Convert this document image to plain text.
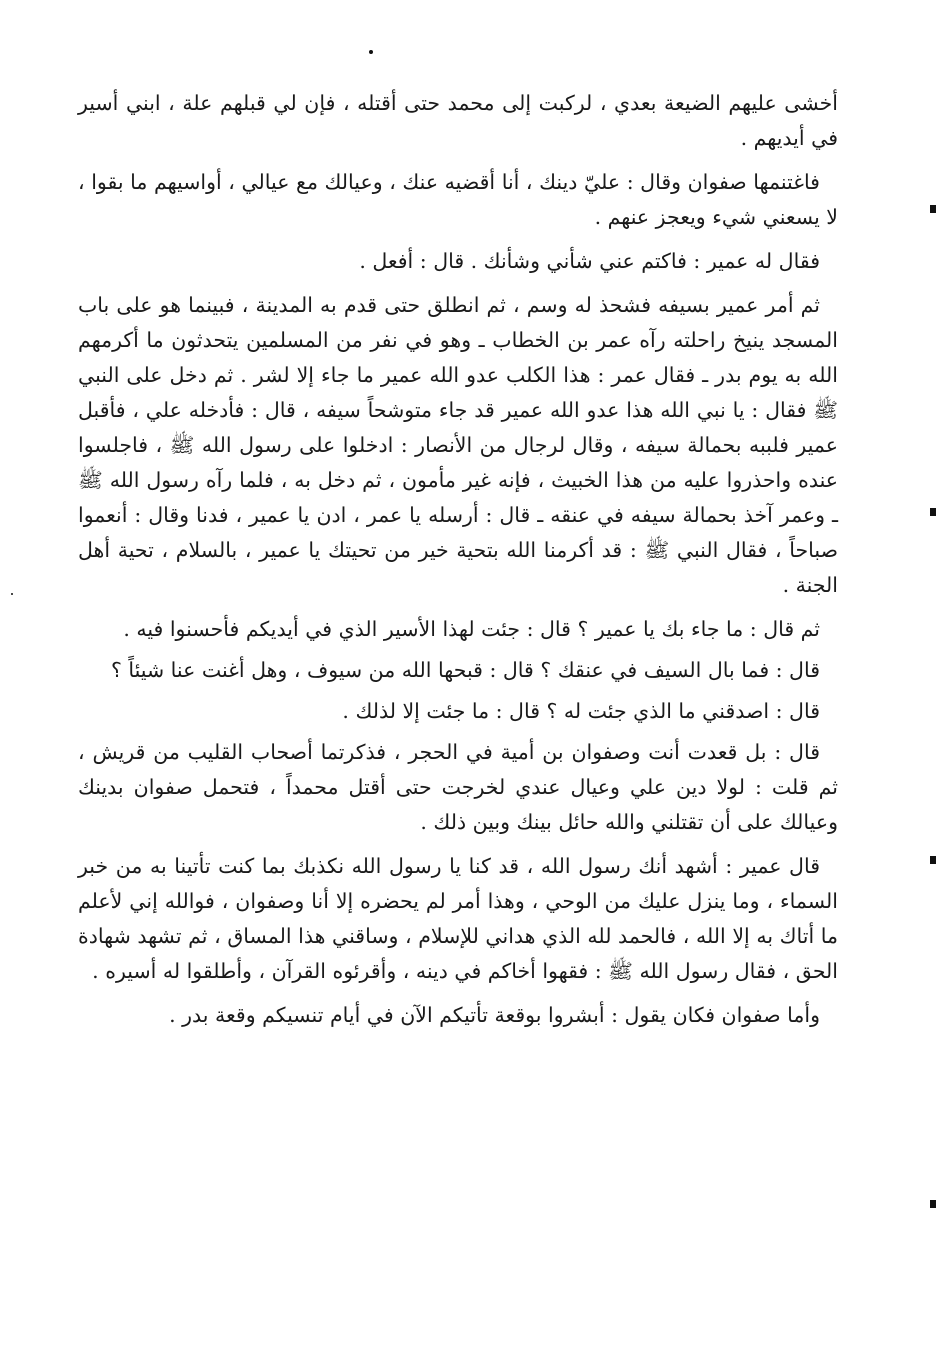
أخشى عليهم الضيعة بعدي ، لركبت إلى محمد حتى أقتله ، فإن لي قبلهم علة ، ابني أسير في أيديهم .

فاغتنمها صفوان وقال : عليّ دينك ، أنا أقضيه عنك ، وعيالك مع عيالي ، أواسيهم ما بقوا ، لا يسعني شيء ويعجز عنهم .

فقال له عمير : فاكتم عني شأني وشأنك . قال : أفعل .

ثم أمر عمير بسيفه فشحذ له وسم ، ثم انطلق حتى قدم به المدينة ، فبينما هو على باب المسجد ينيخ راحلته رآه عمر بن الخطاب ـ وهو في نفر من المسلمين يتحدثون ما أكرمهم الله به يوم بدر ـ فقال عمر : هذا الكلب عدو الله عمير ما جاء إلا لشر . ثم دخل على النبي ﷺ فقال : يا نبي الله هذا عدو الله عمير قد جاء متوشحاً سيفه ، قال : فأدخله علي ، فأقبل عمير فلببه بحمالة سيفه ، وقال لرجال من الأنصار : ادخلوا على رسول الله ﷺ ، فاجلسوا عنده واحذروا عليه من هذا الخبيث ، فإنه غير مأمون ، ثم دخل به ، فلما رآه رسول الله ﷺ ـ وعمر آخذ بحمالة سيفه في عنقه ـ قال : أرسله يا عمر ، ادن يا عمير ، فدنا وقال : أنعموا صباحاً ، فقال النبي ﷺ : قد أكرمنا الله بتحية خير من تحيتك يا عمير ، بالسلام ، تحية أهل الجنة .

ثم قال : ما جاء بك يا عمير ؟ قال : جئت لهذا الأسير الذي في أيديكم فأحسنوا فيه .

قال : فما بال السيف في عنقك ؟ قال : قبحها الله من سيوف ، وهل أغنت عنا شيئاً ؟

قال : اصدقني ما الذي جئت له ؟ قال : ما جئت إلا لذلك .

قال : بل قعدت أنت وصفوان بن أمية في الحجر ، فذكرتما أصحاب القليب من قريش ، ثم قلت : لولا دين علي وعيال عندي لخرجت حتى أقتل محمداً ، فتحمل صفوان بدينك وعيالك على أن تقتلني والله حائل بينك وبين ذلك .

قال عمير : أشهد أنك رسول الله ، قد كنا يا رسول الله نكذبك بما كنت تأتينا به من خبر السماء ، وما ينزل عليك من الوحي ، وهذا أمر لم يحضره إلا أنا وصفوان ، فوالله إني لأعلم ما أتاك به إلا الله ، فالحمد لله الذي هداني للإسلام ، وساقني هذا المساق ، ثم تشهد شهادة الحق ، فقال رسول الله ﷺ : فقهوا أخاكم في دينه ، وأقرئوه القرآن ، وأطلقوا له أسيره .

وأما صفوان فكان يقول : أبشروا بوقعة تأتيكم الآن في أيام تنسيكم وقعة بدر .
